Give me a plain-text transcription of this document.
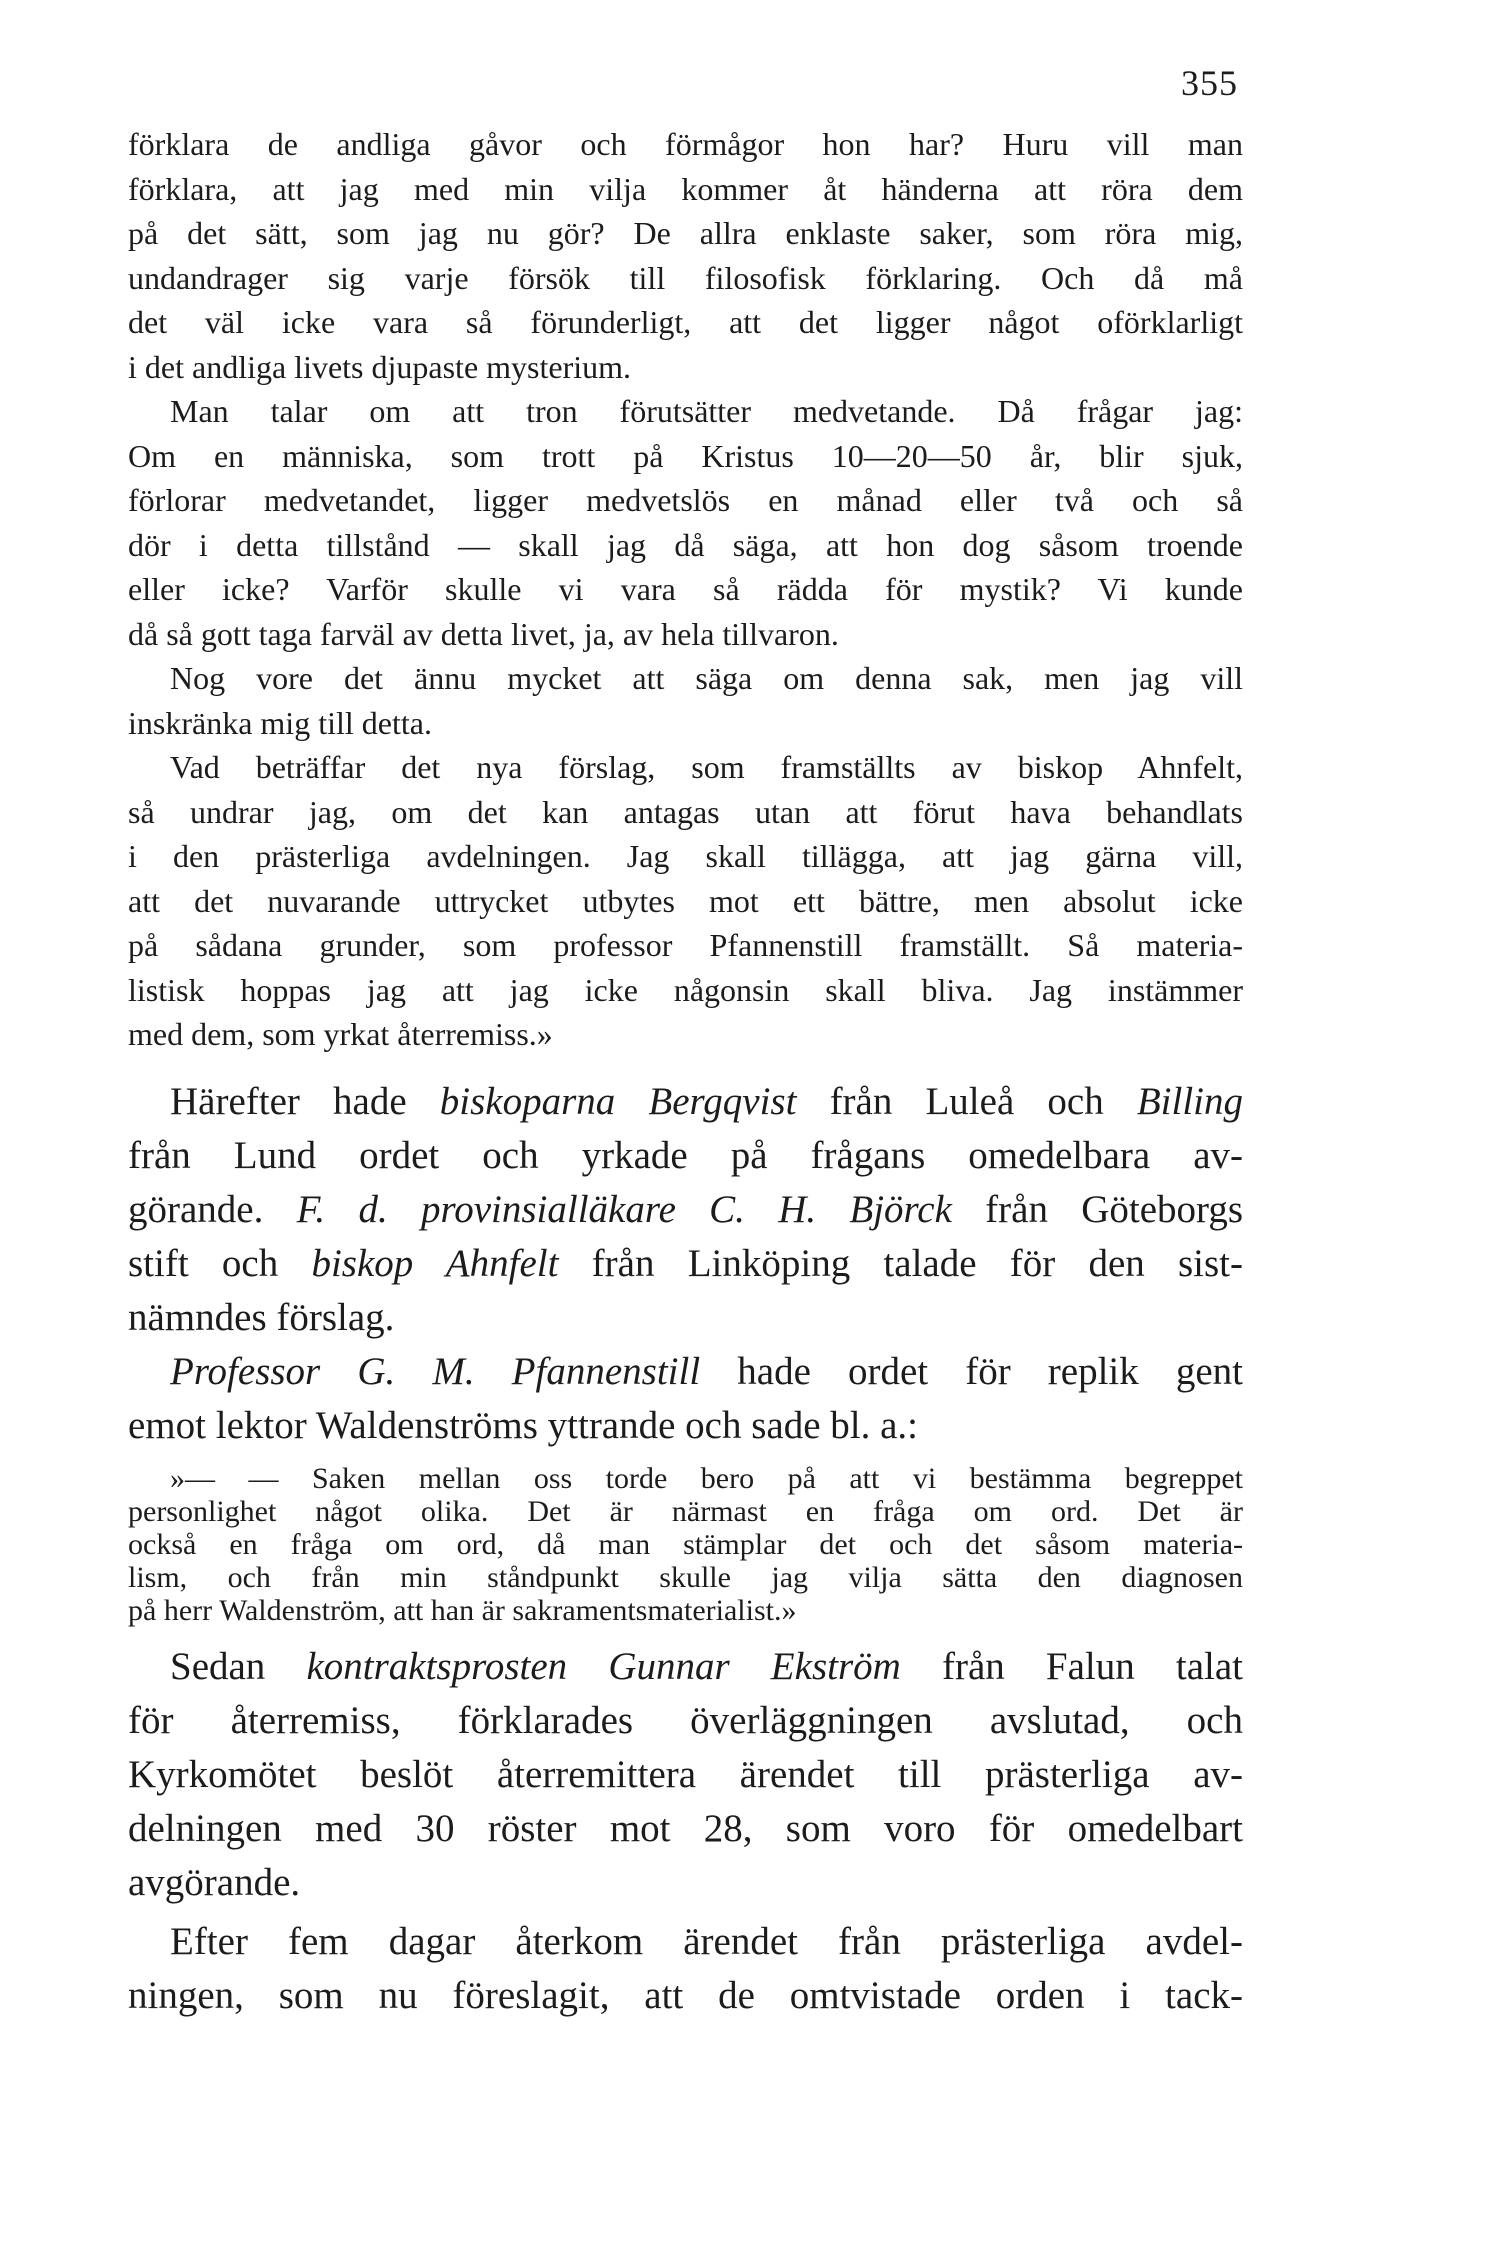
355
förklara de andliga gåvor och förmågor hon har? Huru vill man
förklara, att jag med min vilja kommer åt händerna att röra dem
på det sätt, som jag nu gör? De allra enklaste saker, som röra mig,
undandrager sig varje försök till filosofisk förklaring. Och då må
det väl icke vara så förunderligt, att det ligger något oförklarligt
i det andliga livets djupaste mysterium.
Man talar om att tron förutsätter medvetande. Då frågar jag:
Om en människa, som trott på Kristus 10—20—50 år, blir sjuk,
förlorar medvetandet, ligger medvetslös en månad eller två och så
dör i detta tillstånd — skall jag då säga, att hon dog såsom troende
eller icke? Varför skulle vi vara så rädda för mystik? Vi kunde
då så gott taga farväl av detta livet, ja, av hela tillvaron.
Nog vore det ännu mycket att säga om denna sak, men jag vill
inskränka mig till detta.
Vad beträffar det nya förslag, som framställts av biskop Ahnfelt,
så undrar jag, om det kan antagas utan att förut hava behandlats
i den prästerliga avdelningen. Jag skall tillägga, att jag gärna vill,
att det nuvarande uttrycket utbytes mot ett bättre, men absolut icke
på sådana grunder, som professor Pfannenstill framställt. Så materia-
listisk hoppas jag att jag icke någonsin skall bliva. Jag instämmer
med dem, som yrkat återremiss.»
Härefter hade biskoparna Bergqvist från Luleå och Billing
från Lund ordet och yrkade på frågans omedelbara av-
görande. F. d. provinsialläkare C. H. Björck från Göteborgs
stift och biskop Ahnfelt från Linköping talade för den sist-
nämndes förslag.
Professor G. M. Pfannenstill hade ordet för replik gent
emot lektor Waldenströms yttrande och sade bl. a.:
»— — Saken mellan oss torde bero på att vi bestämma begreppet
personlighet något olika. Det är närmast en fråga om ord. Det är
också en fråga om ord, då man stämplar det och det såsom materia-
lism, och från min ståndpunkt skulle jag vilja sätta den diagnosen
på herr Waldenström, att han är sakramentsmaterialist.»
Sedan kontraktsprosten Gunnar Ekström från Falun talat
för återremiss, förklarades överläggningen avslutad, och
Kyrkomötet beslöt återremittera ärendet till prästerliga av-
delningen med 30 röster mot 28, som voro för omedelbart
avgörande.
Efter fem dagar återkom ärendet från prästerliga avdel-
ningen, som nu föreslagit, att de omtvistade orden i tack-
